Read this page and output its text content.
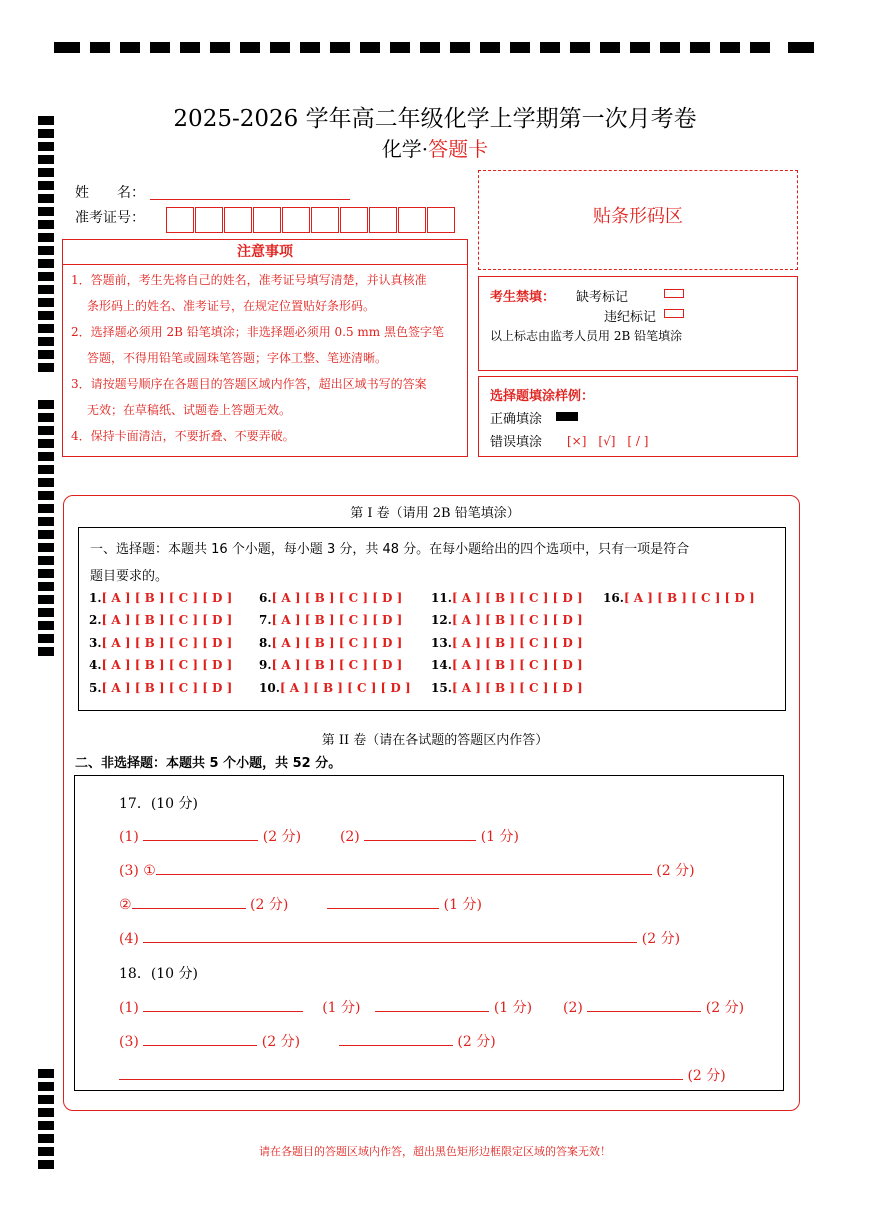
2025-2026 学年高二年级化学上学期第一次月考卷
化学·答题卡
姓　　名：
准考证号：
注意事项
1．答题前，考生先将自己的姓名，准考证号填写清楚，并认真核准
条形码上的姓名、准考证号，在规定位置贴好条形码。
2．选择题必须用 2B 铅笔填涂；非选择题必须用 0.5 mm 黑色签字笔
答题，不得用铅笔或圆珠笔答题；字体工整、笔迹清晰。
3．请按题号顺序在各题目的答题区域内作答，超出区域书写的答案
无效；在草稿纸、试题卷上答题无效。
4．保持卡面清洁，不要折叠、不要弄破。
贴条形码区
考生禁填： 缺考标记
违纪标记
以上标志由监考人员用 2B 铅笔填涂
选择题填涂样例：
正确填涂
错误填涂 [×]　[√]　[ / ]
第 I 卷（请用 2B 铅笔填涂）
一、选择题：本题共 16 个小题，每小题 3 分，共 48 分。在每小题给出的四个选项中，只有一项是符合
题目要求的。
1.[ A ] [ B ] [ C ] [ D ]
2.[ A ] [ B ] [ C ] [ D ]
3.[ A ] [ B ] [ C ] [ D ]
4.[ A ] [ B ] [ C ] [ D ]
5.[ A ] [ B ] [ C ] [ D ]
6.[ A ] [ B ] [ C ] [ D ]
7.[ A ] [ B ] [ C ] [ D ]
8.[ A ] [ B ] [ C ] [ D ]
9.[ A ] [ B ] [ C ] [ D ]
10.[ A ] [ B ] [ C ] [ D ]
11.[ A ] [ B ] [ C ] [ D ]
12.[ A ] [ B ] [ C ] [ D ]
13.[ A ] [ B ] [ C ] [ D ]
14.[ A ] [ B ] [ C ] [ D ]
15.[ A ] [ B ] [ C ] [ D ]
16.[ A ] [ B ] [ C ] [ D ]
第 II 卷（请在各试题的答题区内作答）
二、非选择题：本题共 5 个小题，共 52 分。
17．(10 分)
(1)	(2 分)	(2)	(1 分)
(3) ①	(2 分)
②	(2 分)	(1 分)
(4)	(2 分)
18．(10 分)
(1)	(1 分)	(1 分) (2)	(2 分)
(3)	(2 分)	(2 分)
(2 分)
请在各题目的答题区域内作答，超出黑色矩形边框限定区域的答案无效！
